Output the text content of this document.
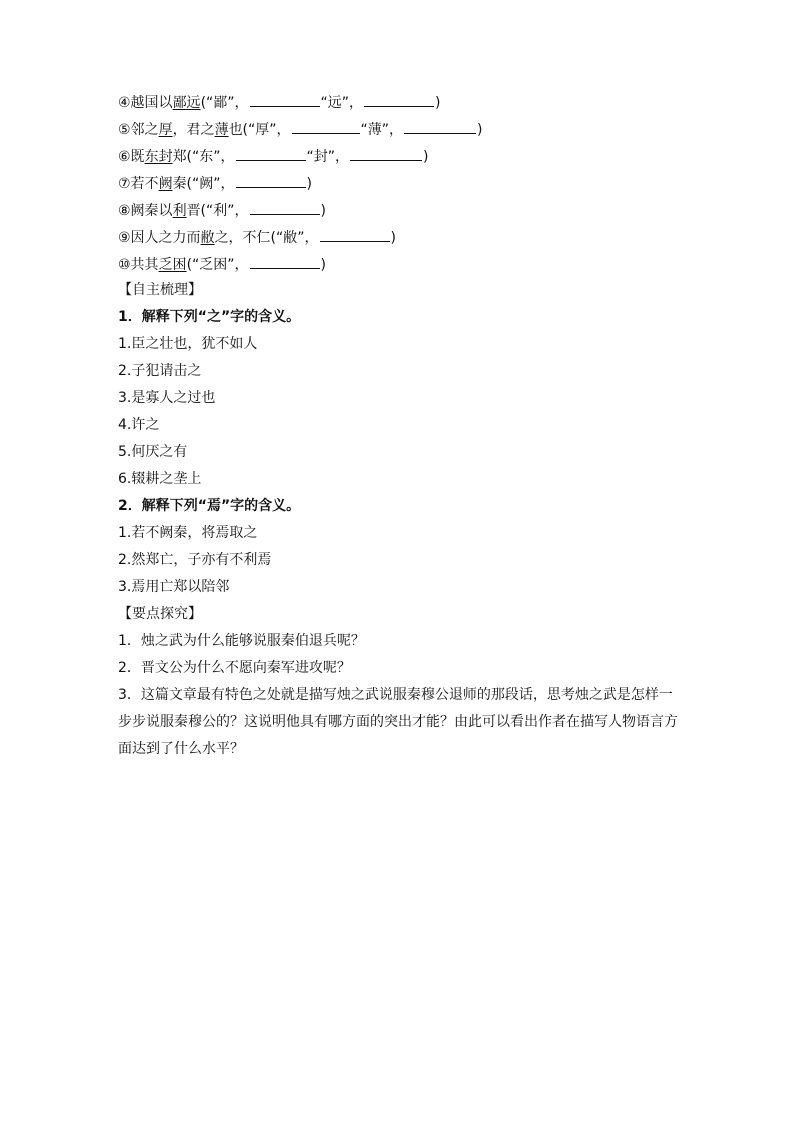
④越国以鄙远(“鄙”，	“远”，	)
⑤邻之厚，君之薄也(“厚”，	“薄”，	)
⑥既东封郑(“东”，	“封”，	)
⑦若不阙秦(“阙”，	)
⑧阙秦以利晋(“利”，	)
⑨因人之力而敝之，不仁(“敝”，	)
⑩共其乏困(“乏困”，	)
【自主梳理】
1．解释下列“之”字的含义。
1.臣之壮也，犹不如人
2.子犯请击之
3.是寡人之过也
4.许之
5.何厌之有
6.辍耕之垄上
2．解释下列“焉”字的含义。
1.若不阙秦，将焉取之
2.然郑亡，子亦有不利焉
3.焉用亡郑以陪邻
【要点探究】
1．烛之武为什么能够说服秦伯退兵呢？
2．晋文公为什么不愿向秦军进攻呢？
3．这篇文章最有特色之处就是描写烛之武说服秦穆公退师的那段话，思考烛之武是怎样一步步说服秦穆公的？这说明他具有哪方面的突出才能？由此可以看出作者在描写人物语言方面达到了什么水平？
